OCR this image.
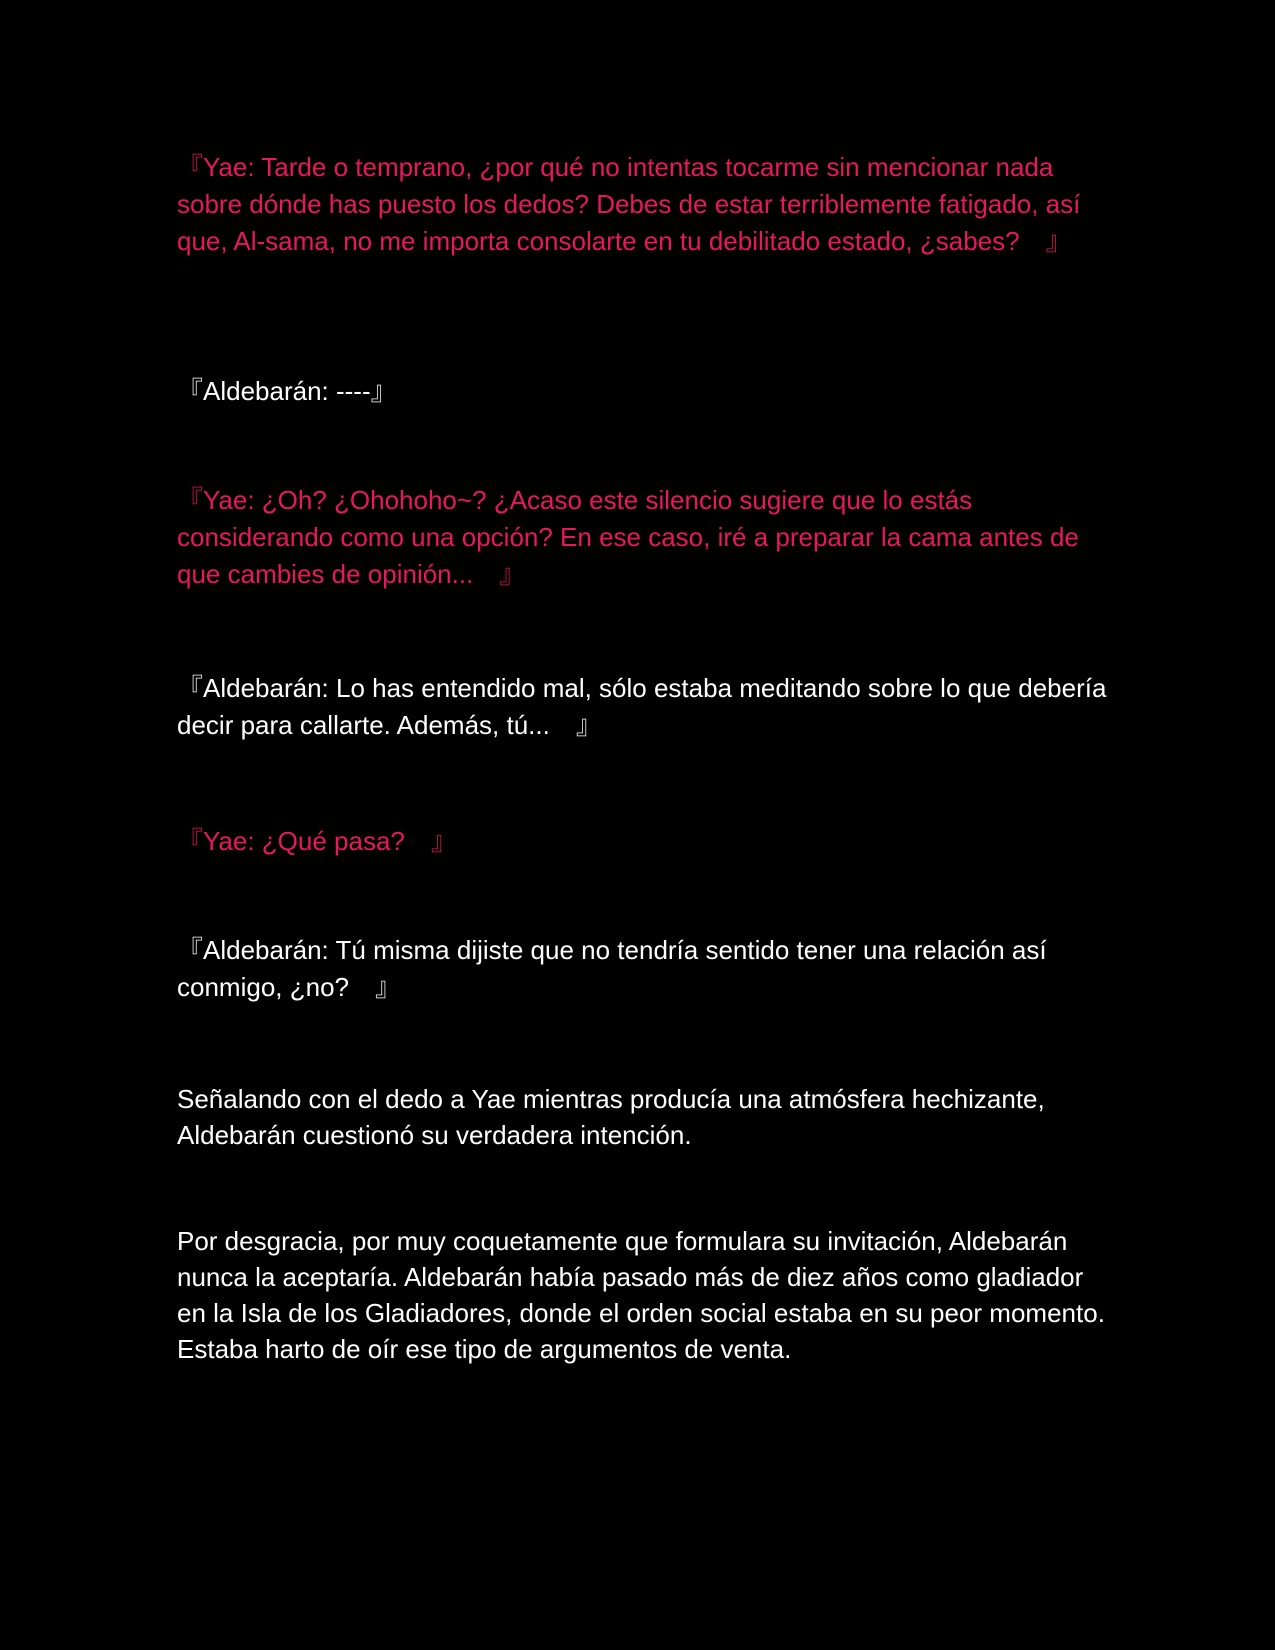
『Yae: Tarde o temprano, ¿por qué no intentas tocarme sin mencionar nada sobre dónde has puesto los dedos? Debes de estar terriblemente fatigado, así que, Al-sama, no me importa consolarte en tu debilitado estado, ¿sabes?　』

『Aldebarán: ----』

『Yae: ¿Oh? ¿Ohohoho~? ¿Acaso este silencio sugiere que lo estás considerando como una opción? En ese caso, iré a preparar la cama antes de que cambies de opinión...　』

『Aldebarán: Lo has entendido mal, sólo estaba meditando sobre lo que debería decir para callarte. Además, tú...　』

『Yae: ¿Qué pasa?　』

『Aldebarán: Tú misma dijiste que no tendría sentido tener una relación así conmigo, ¿no?　』

Señalando con el dedo a Yae mientras producía una atmósfera hechizante, Aldebarán cuestionó su verdadera intención.

Por desgracia, por muy coquetamente que formulara su invitación, Aldebarán nunca la aceptaría. Aldebarán había pasado más de diez años como gladiador en la Isla de los Gladiadores, donde el orden social estaba en su peor momento. Estaba harto de oír ese tipo de argumentos de venta.
